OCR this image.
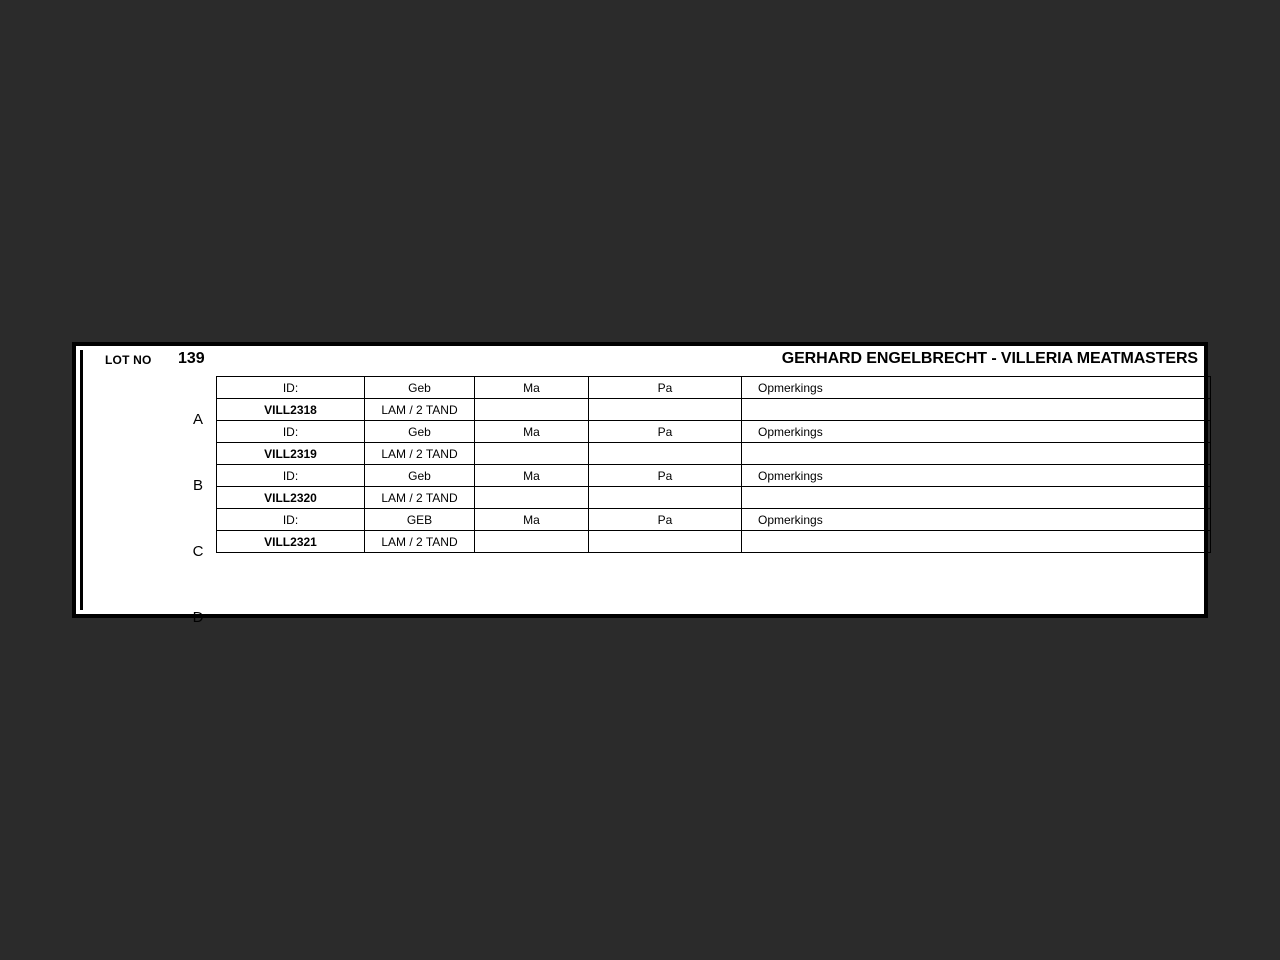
LOT NO 139	GERHARD ENGELBRECHT - VILLERIA MEATMASTERS
A
B
C
D
ID:	Geb	Ma	Pa	Opmerkings
VILL2318	LAM / 2 TAND			
ID:	Geb	Ma	Pa	Opmerkings
VILL2319	LAM / 2 TAND			
ID:	Geb	Ma	Pa	Opmerkings
VILL2320	LAM / 2 TAND			
ID:	GEB	Ma	Pa	Opmerkings
VILL2321	LAM / 2 TAND			
